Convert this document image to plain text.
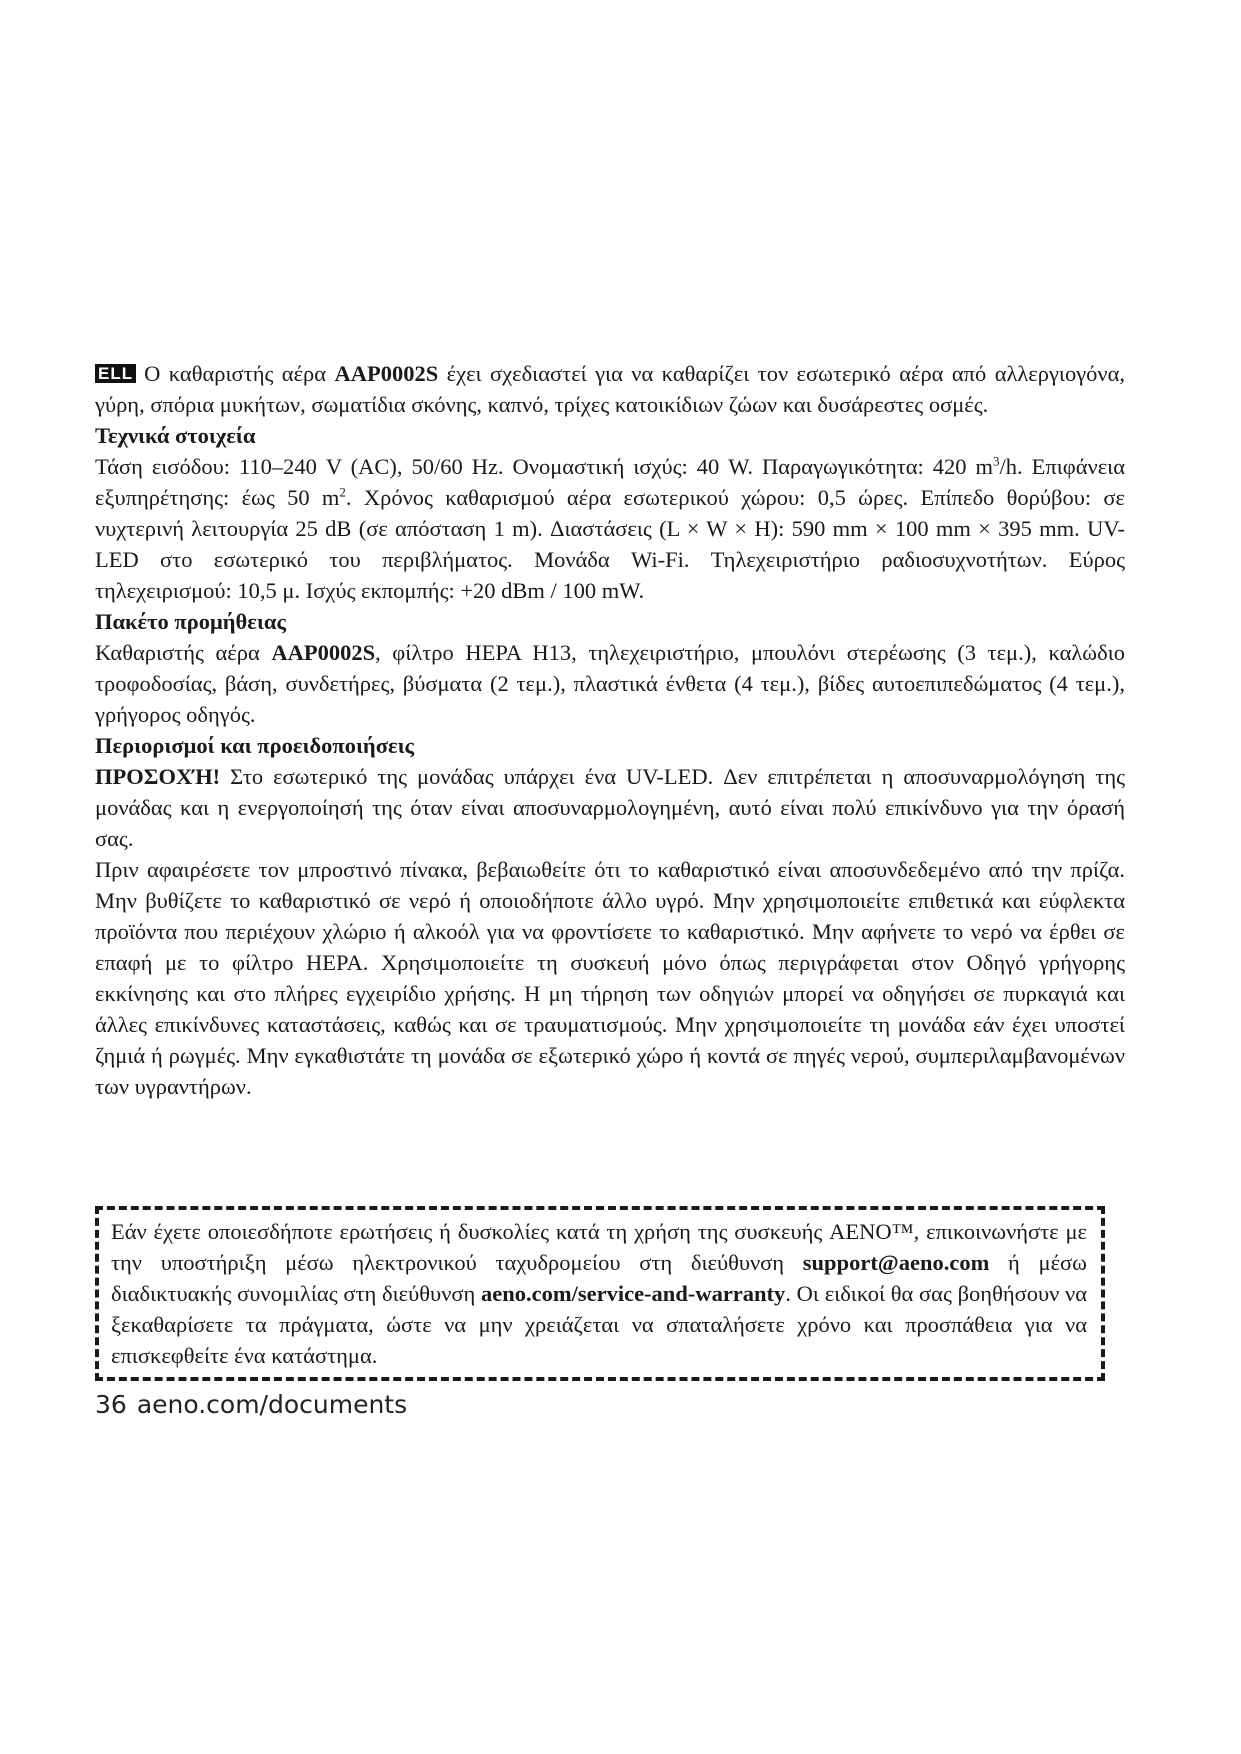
ELL Ο καθαριστής αέρα AAP0002S έχει σχεδιαστεί για να καθαρίζει τον εσωτερικό αέρα από αλλεργιογόνα, γύρη, σπόρια μυκήτων, σωματίδια σκόνης, καπνό, τρίχες κατοικίδιων ζώων και δυσάρεστες οσμές.

Τεχνικά στοιχεία

Τάση εισόδου: 110–240 V (AC), 50/60 Hz. Ονομαστική ισχύς: 40 W. Παραγωγικότητα: 420 $m^3/h$. Επιφάνεια εξυπηρέτησης: έως 50 $m^2$. Χρόνος καθαρισμού αέρα εσωτερικού χώρου: 0,5 ώρες. Επίπεδο θορύβου: σε νυχτερινή λειτουργία 25 dB (σε απόσταση 1 m). Διαστάσεις (L × W × H): 590 mm × 100 mm × 395 mm. UV-LED στο εσωτερικό του περιβλήματος. Μονάδα Wi-Fi. Τηλεχειριστήριο ραδιοσυχνοτήτων. Εύρος τηλεχειρισμού: 10,5 μ. Ισχύς εκπομπής: +20 dBm / 100 mW.

Πακέτο προμήθειας

Καθαριστής αέρα AAP0002S, φίλτρο HEPA H13, τηλεχειριστήριο, μπουλόνι στερέωσης (3 τεμ.), καλώδιο τροφοδοσίας, βάση, συνδετήρες, βύσματα (2 τεμ.), πλαστικά ένθετα (4 τεμ.), βίδες αυτοεπιπεδώματος (4 τεμ.), γρήγορος οδηγός.

Περιορισμοί και προειδοποιήσεις

ΠΡΟΣΟΧΉ! Στο εσωτερικό της μονάδας υπάρχει ένα UV-LED. Δεν επιτρέπεται η αποσυναρμολόγηση της μονάδας και η ενεργοποίησή της όταν είναι αποσυναρμολογημένη, αυτό είναι πολύ επικίνδυνο για την όρασή σας.

Πριν αφαιρέσετε τον μπροστινό πίνακα, βεβαιωθείτε ότι το καθαριστικό είναι αποσυνδεδεμένο από την πρίζα. Μην βυθίζετε το καθαριστικό σε νερό ή οποιοδήποτε άλλο υγρό. Μην χρησιμοποιείτε επιθετικά και εύφλεκτα προϊόντα που περιέχουν χλώριο ή αλκοόλ για να φροντίσετε το καθαριστικό. Μην αφήνετε το νερό να έρθει σε επαφή με το φίλτρο HEPA. Χρησιμοποιείτε τη συσκευή μόνο όπως περιγράφεται στον Οδηγό γρήγορης εκκίνησης και στο πλήρες εγχειρίδιο χρήσης. Η μη τήρηση των οδηγιών μπορεί να οδηγήσει σε πυρκαγιά και άλλες επικίνδυνες καταστάσεις, καθώς και σε τραυματισμούς. Μην χρησιμοποιείτε τη μονάδα εάν έχει υποστεί ζημιά ή ρωγμές. Μην εγκαθιστάτε τη μονάδα σε εξωτερικό χώρο ή κοντά σε πηγές νερού, συμπεριλαμβανομένων των υγραντήρων.

Εάν έχετε οποιεσδήποτε ερωτήσεις ή δυσκολίες κατά τη χρήση της συσκευής AENO™, επικοινωνήστε με την υποστήριξη μέσω ηλεκτρονικού ταχυδρομείου στη διεύθυνση support@aeno.com ή μέσω διαδικτυακής συνομιλίας στη διεύθυνση aeno.com/service-and-warranty. Οι ειδικοί θα σας βοηθήσουν να ξεκαθαρίσετε τα πράγματα, ώστε να μην χρειάζεται να σπαταλήσετε χρόνο και προσπάθεια για να επισκεφθείτε ένα κατάστημα.

36 aeno.com/documents
